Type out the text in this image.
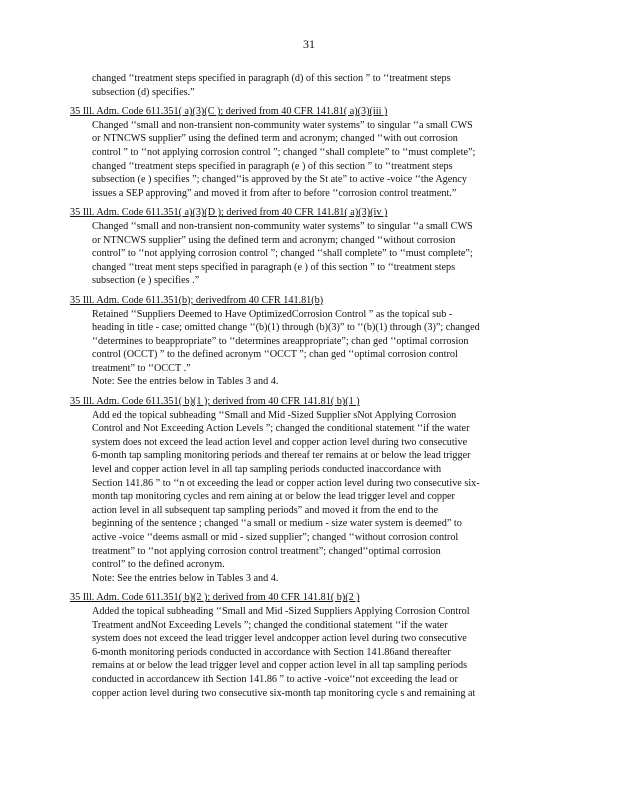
31
changed ‘‘treatment steps specified in paragraph (d) of this section ” to ‘‘treatment steps
subsection (d) specifies.”
35 Ill. Adm. Code 611.351( a)(3)(C ); derived from 40 CFR 141.81( a)(3)(iii )
Changed ‘‘small and non-transient non-community water systems” to singular ‘‘a small CWS
or NTNCWS supplier” using the defined term and acronym; changed ‘‘with out corrosion
control ” to ‘‘not applying corrosion control ”; changed ‘‘shall complete” to ‘‘must complete”;
changed ‘‘treatment steps specified in paragraph (e ) of this section ” to ‘‘treatment steps
subsection (e ) specifies ”; changed‘‘is approved by the St ate” to active -voice ‘‘the Agency
issues a SEP approving” and moved it from after to before ‘‘corrosion control treatment.”
35 Ill. Adm. Code 611.351( a)(3)(D ); derived from 40 CFR 141.81( a)(3)(iv )
Changed ‘‘small and non-transient non-community water systems” to singular ‘‘a small CWS
or NTNCWS supplier” using the defined term and acronym; changed ‘‘without corrosion
control” to ‘‘not applying corrosion control ”; changed ‘‘shall complete” to ‘‘must complete”;
changed ‘‘treat ment steps specified in paragraph (e ) of this section ” to ‘‘treatment steps
subsection (e ) specifies .”
35 Ill. Adm. Code 611.351(b); derivedfrom 40 CFR 141.81(b)
Retained ‘‘Suppliers Deemed to Have OptimizedCorrosion Control ” as the topical sub -
heading in title - case; omitted change ‘‘(b)(1) through (b)(3)” to ‘‘(b)(1) through (3)”; changed
‘‘determines to beappropriate” to ‘‘determines areappropriate”; chan ged ‘‘optimal corrosion
control (OCCT) ” to the defined acronym ‘‘OCCT ”; chan ged ‘‘optimal corrosion control
treatment” to ‘‘OCCT .”
Note: See the entries below in Tables 3 and 4.
35 Ill. Adm. Code 611.351( b)(1 ); derived from 40 CFR 141.81( b)(1 )
Add ed the topical subheading ‘‘Small and Mid -Sized Supplier sNot Applying Corrosion
Control and Not Exceeding Action Levels ”; changed the conditional statement ‘‘if the water
system does not exceed the lead action level and copper action level during two consecutive
6-month tap sampling monitoring periods and thereaf ter remains at or below the lead trigger
level and copper action level in all tap sampling periods conducted inaccordance with
Section 141.86 ” to ‘‘n ot exceeding the lead or copper action level during two consecutive six-
month tap monitoring cycles and rem aining at or below the lead trigger level and copper
action level in all subsequent tap sampling periods” and moved it from the end to the
beginning of the sentence ; changed ‘‘a small or medium - size water system is deemed” to
active -voice ‘‘deems asmall or mid - sized supplier”; changed ‘‘without corrosion control
treatment” to ‘‘not applying corrosion control treatment”; changed‘‘optimal corrosion
control” to the defined acronym.
Note: See the entries below in Tables 3 and 4.
35 Ill. Adm. Code 611.351( b)(2 ); derived from 40 CFR 141.81( b)(2 )
Added the topical subheading ‘‘Small and Mid -Sized Suppliers Applying Corrosion Control
Treatment andNot Exceeding Levels ”; changed the conditional statement ‘‘if the water
system does not exceed the lead trigger level andcopper action level during two consecutive
6-month monitoring periods conducted in accordance with Section 141.86and thereafter
remains at or below the lead trigger level and copper action level in all tap sampling periods
conducted in accordancew ith Section 141.86 ” to active -voice‘‘not exceeding the lead or
copper action level during two consecutive six-month tap monitoring cycle s and remaining at
